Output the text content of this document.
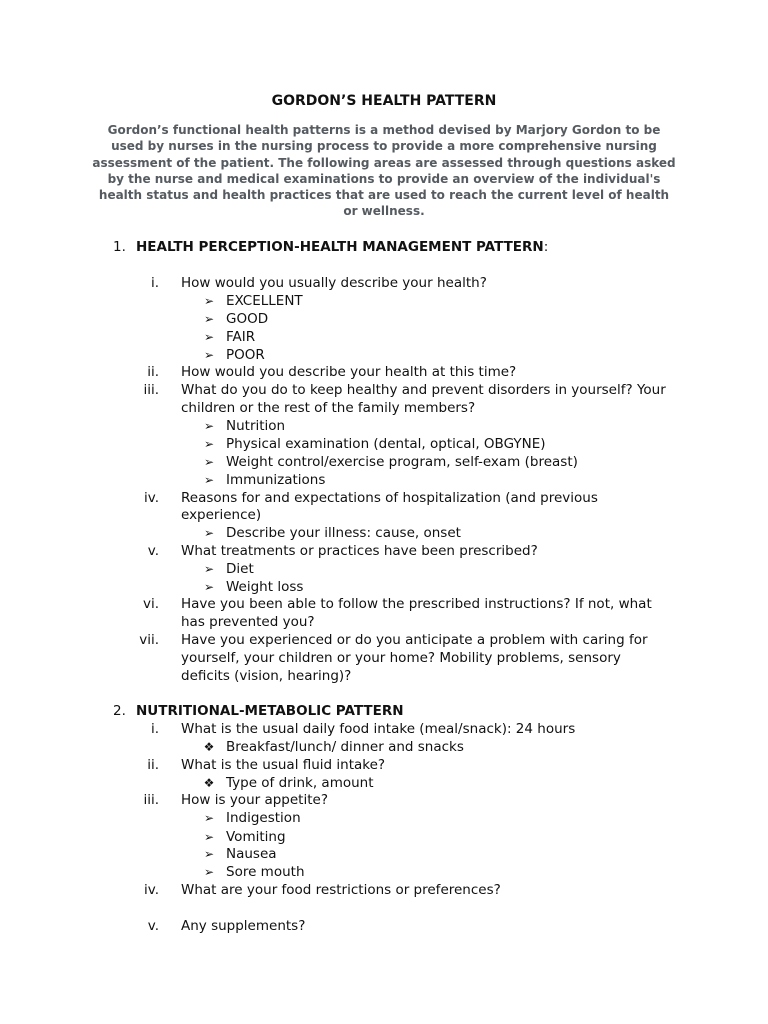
GORDON’S HEALTH PATTERN
Gordon’s functional health patterns is a method devised by Marjory Gordon to be used by nurses in the nursing process to provide a more comprehensive nursing assessment of the patient. The following areas are assessed through questions asked by the nurse and medical examinations to provide an overview of the individual's health status and health practices that are used to reach the current level of health or wellness.
1. HEALTH PERCEPTION-HEALTH MANAGEMENT PATTERN:
i. How would you usually describe your health?
➢ EXCELLENT
➢ GOOD
➢ FAIR
➢ POOR
ii. How would you describe your health at this time?
iii. What do you do to keep healthy and prevent disorders in yourself? Your
children or the rest of the family members?
➢ Nutrition
➢ Physical examination (dental, optical, OBGYNE)
➢ Weight control/exercise program, self-exam (breast)
➢ Immunizations
iv. Reasons for and expectations of hospitalization (and previous
experience)
➢ Describe your illness: cause, onset
v. What treatments or practices have been prescribed?
➢ Diet
➢ Weight loss
vi. Have you been able to follow the prescribed instructions? If not, what
has prevented you?
vii. Have you experienced or do you anticipate a problem with caring for
yourself, your children or your home? Mobility problems, sensory
deficits (vision, hearing)?
2. NUTRITIONAL-METABOLIC PATTERN
i. What is the usual daily food intake (meal/snack): 24 hours
❖ Breakfast/lunch/ dinner and snacks
ii. What is the usual fluid intake?
❖ Type of drink, amount
iii. How is your appetite?
➢ Indigestion
➢ Vomiting
➢ Nausea
➢ Sore mouth
iv. What are your food restrictions or preferences?
v. Any supplements?
